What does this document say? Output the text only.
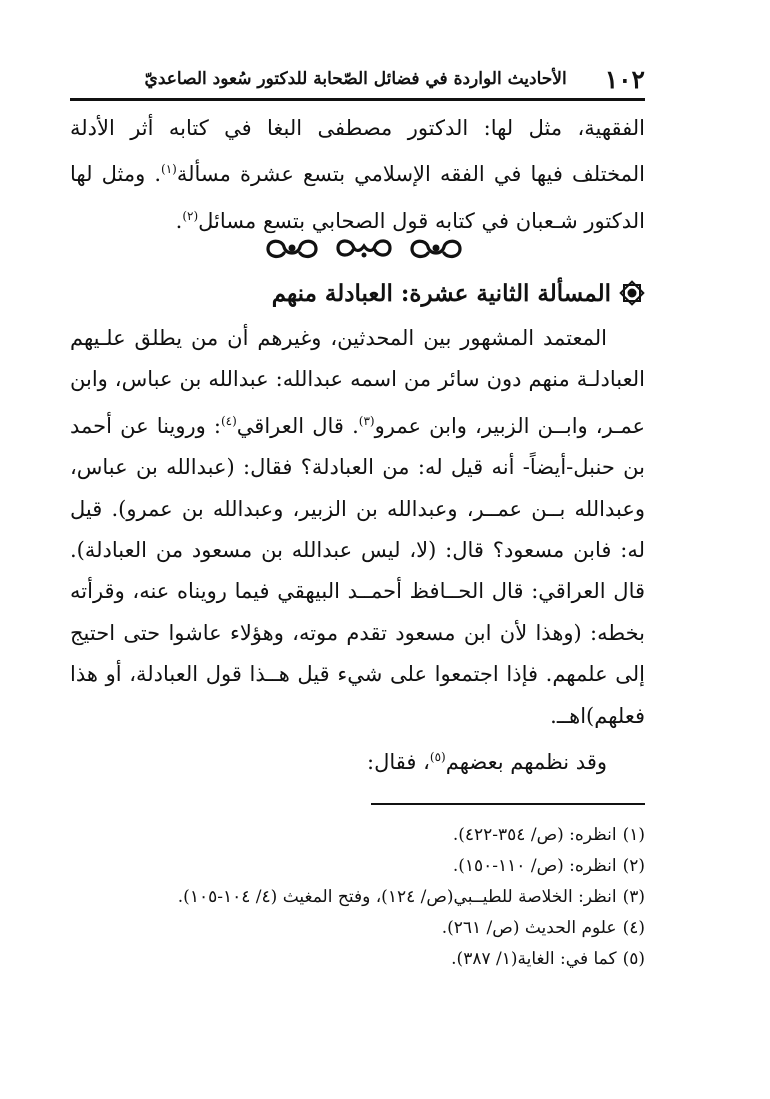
١٠٢
الأحاديث الواردة في فضائل الصّحابة للدكتور سُعود الصاعديّ

الفقهية، مثل لها: الدكتور مصطفى البغا في كتابه أثر الأدلة المختلف فيها في الفقه الإسلامي بتسع عشرة مسألة$^{(١)}$. ومثل لها الدكتور شـعبان في كتابه قول الصحابي بتسع مسائل$^{(٢)}$.

المسألة الثانية عشرة: العبادلة منهم

المعتمد المشهور بين المحدثين، وغيرهم أن من يطلق علـيهم العبادلـة منهم دون سائر من اسمه عبدالله: عبدالله بن عباس، وابن عمـر، وابــن الزبير، وابن عمرو$^{(٣)}$. قال العراقي$^{(٤)}$: وروينا عن أحمد بن حنبل-أيضاً- أنه قيل له: من العبادلة؟ فقال: (عبدالله بن عباس، وعبدالله بــن عمــر، وعبدالله بن الزبير، وعبدالله بن عمرو). قيل له: فابن مسعود؟ قال: (لا، ليس عبدالله بن مسعود من العبادلة). قال العراقي: قال الحــافظ أحمــد البيهقي فيما رويناه عنه، وقرأته بخطه: (وهذا لأن ابن مسعود تقدم موته، وهؤلاء عاشوا حتى احتيج إلى علمهم. فإذا اجتمعوا على شيء قيل هــذا قول العبادلة، أو هذا فعلهم)اهــ.

وقد نظمهم بعضهم$^{(٥)}$، فقال:

(١)انظره: (ص/ ٣٥٤-٤٢٢).
(٢)انظره: (ص/ ١١٠-١٥٠).
(٣)انظر: الخلاصة للطيــبي(ص/ ١٢٤)، وفتح المغيث (٤/ ١٠٤-١٠٥).
(٤)علوم الحديث (ص/ ٢٦١).
(٥)كما في: الغاية(١/ ٣٨٧).
